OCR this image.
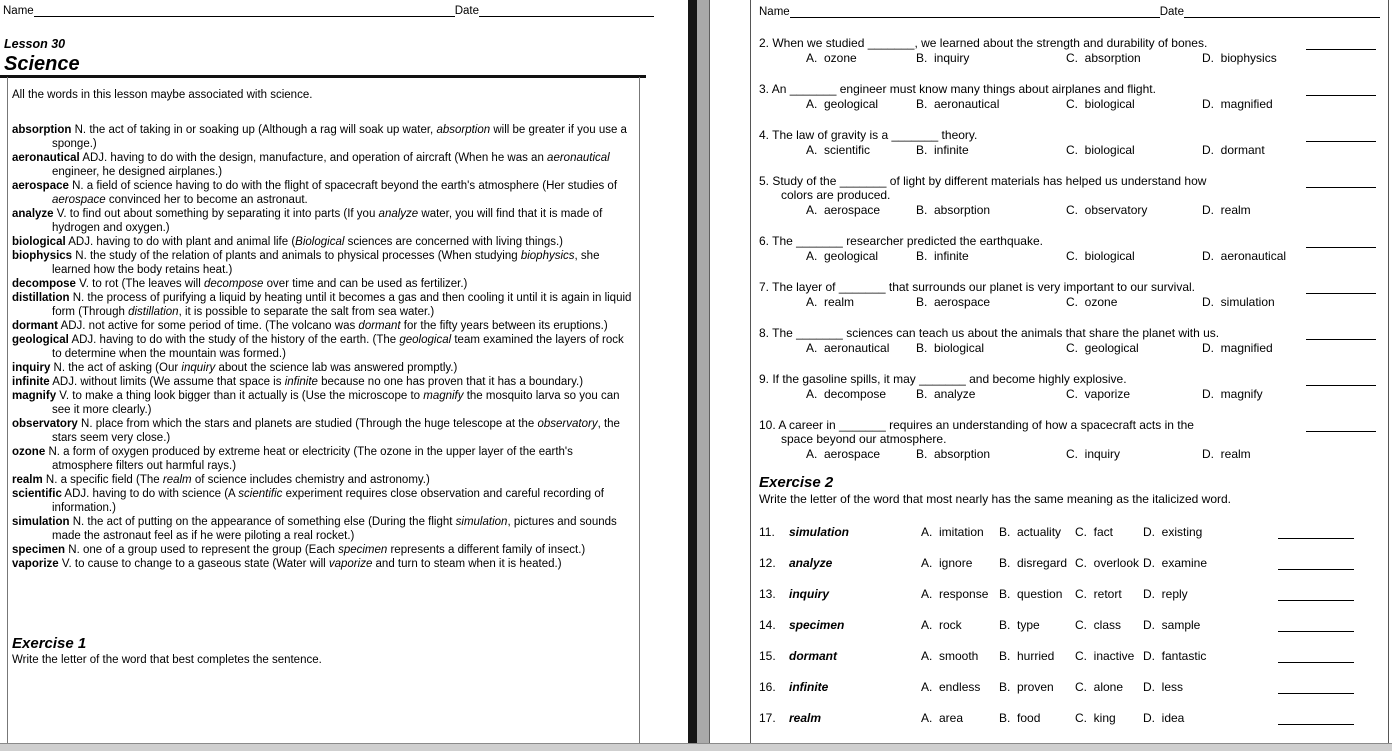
Name	Date
Lesson 30
Science
All the words in this lesson maybe associated with science.
absorption N. the act of taking in or soaking up (Although a rag will soak up water, absorption will be greater if you use a sponge.)
aeronautical ADJ. having to do with the design, manufacture, and operation of aircraft (When he was an aeronautical engineer, he designed airplanes.)
aerospace N. a field of science having to do with the flight of spacecraft beyond the earth's atmosphere (Her studies of aerospace convinced her to become an astronaut.
analyze V. to find out about something by separating it into parts (If you analyze water, you will find that it is made of hydrogen and oxygen.)
biological ADJ. having to do with plant and animal life (Biological sciences are concerned with living things.)
biophysics N. the study of the relation of plants and animals to physical processes (When studying biophysics, she learned how the body retains heat.)
decompose V. to rot (The leaves will decompose over time and can be used as fertilizer.)
distillation N. the process of purifying a liquid by heating until it becomes a gas and then cooling it until it is again in liquid form (Through distillation, it is possible to separate the salt from sea water.)
dormant ADJ. not active for some period of time. (The volcano was dormant for the fifty years between its eruptions.)
geological ADJ. having to do with the study of the history of the earth. (The geological team examined the layers of rock to determine when the mountain was formed.)
inquiry N. the act of asking (Our inquiry about the science lab was answered promptly.)
infinite ADJ. without limits (We assume that space is infinite because no one has proven that it has a boundary.)
magnify V. to make a thing look bigger than it actually is (Use the microscope to magnify the mosquito larva so you can see it more clearly.)
observatory N. place from which the stars and planets are studied (Through the huge telescope at the observatory, the stars seem very close.)
ozone N. a form of oxygen produced by extreme heat or electricity (The ozone in the upper layer of the earth's atmosphere filters out harmful rays.)
realm N. a specific field (The realm of science includes chemistry and astronomy.)
scientific ADJ. having to do with science (A scientific experiment requires close observation and careful recording of information.)
simulation N. the act of putting on the appearance of something else (During the flight simulation, pictures and sounds made the astronaut feel as if he were piloting a real rocket.)
specimen N. one of a group used to represent the group (Each specimen represents a different family of insect.)
vaporize V. to cause to change to a gaseous state (Water will vaporize and turn to steam when it is heated.)
Exercise 1
Write the letter of the word that best completes the sentence.
Name	Date
2. When we studied _______, we learned about the strength and durability of bones.
A.  ozone	B.  inquiry	C.  absorption	D.  biophysics
3. An _______ engineer must know many things about airplanes and flight.
A.  geological	B.  aeronautical	C.  biological	D.  magnified
4. The law of gravity is a _______ theory.
A.  scientific	B.  infinite	C.  biological	D.  dormant
5. Study of the _______ of light by different materials has helped us understand how
colors are produced.
A.  aerospace	B.  absorption	C.  observatory	D.  realm
6. The _______ researcher predicted the earthquake.
A.  geological	B.  infinite	C.  biological	D.  aeronautical
7. The layer of _______ that surrounds our planet is very important to our survival.
A.  realm	B.  aerospace	C.  ozone	D.  simulation
8. The _______ sciences can teach us about the animals that share the planet with us.
A.  aeronautical B.  biological	C.  geological	D.  magnified
9. If the gasoline spills, it may _______ and become highly explosive.
A.  decompose B.  analyze	C.  vaporize	D.  magnify
10. A career in _______ requires an understanding of how a spacecraft acts in the
space beyond our atmosphere.
A.  aerospace	B.  absorption	C.  inquiry	D.  realm
Exercise 2
Write the letter of the word that most nearly has the same meaning as the italicized word.
11. simulation	A.  imitation B.  actuality C.  fact D.  existing
12. analyze	A.  ignore B.  disregard C.  overlook D.  examine
13. inquiry	A.  response B.  question C.  retort D.  reply
14. specimen	A.  rock	B.  type	C.  class D.  sample
15. dormant	A.  smooth B.  hurried C.  inactive D.  fantastic
16. infinite	A.  endless B.  proven C.  alone D.  less
17. realm	A.  area	B.  food	C.  king D.  idea
